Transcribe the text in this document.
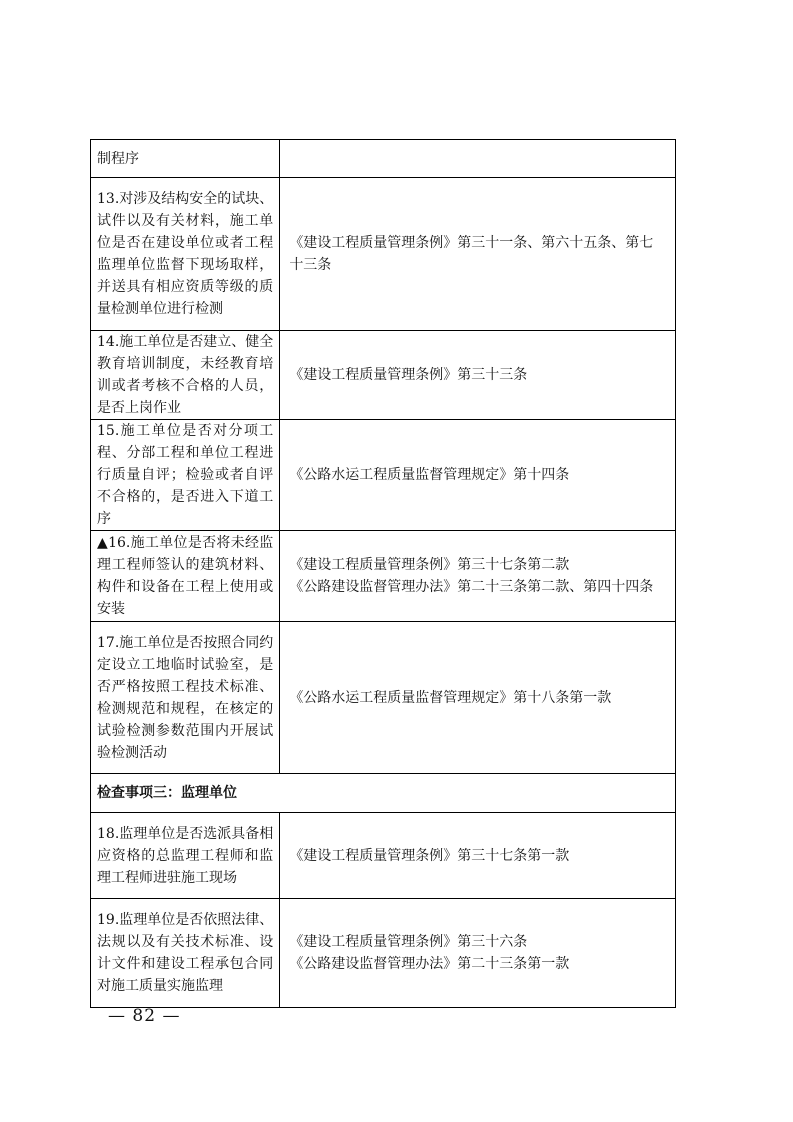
制程序	

13.对涉及结构安全的试块、试件以及有关材料，施工单位是否在建设单位或者工程监理单位监督下现场取样，并送具有相应资质等级的质量检测单位进行检测	《建设工程质量管理条例》第三十一条、第六十五条、第七十三条

14.施工单位是否建立、健全教育培训制度，未经教育培训或者考核不合格的人员，是否上岗作业	《建设工程质量管理条例》第三十三条

15.施工单位是否对分项工程、分部工程和单位工程进行质量自评；检验或者自评不合格的，是否进入下道工序	《公路水运工程质量监督管理规定》第十四条

▲16.施工单位是否将未经监理工程师签认的建筑材料、构件和设备在工程上使用或安装	《建设工程质量管理条例》第三十七条第二款
《公路建设监督管理办法》第二十三条第二款、第四十四条

17.施工单位是否按照合同约定设立工地临时试验室，是否严格按照工程技术标准、检测规范和规程，在核定的试验检测参数范围内开展试验检测活动	《公路水运工程质量监督管理规定》第十八条第一款

检查事项三：监理单位	

18.监理单位是否选派具备相应资格的总监理工程师和监理工程师进驻施工现场	《建设工程质量管理条例》第三十七条第一款

19.监理单位是否依照法律、法规以及有关技术标准、设计文件和建设工程承包合同对施工质量实施监理	《建设工程质量管理条例》第三十六条
《公路建设监督管理办法》第二十三条第一款
— 82 —
